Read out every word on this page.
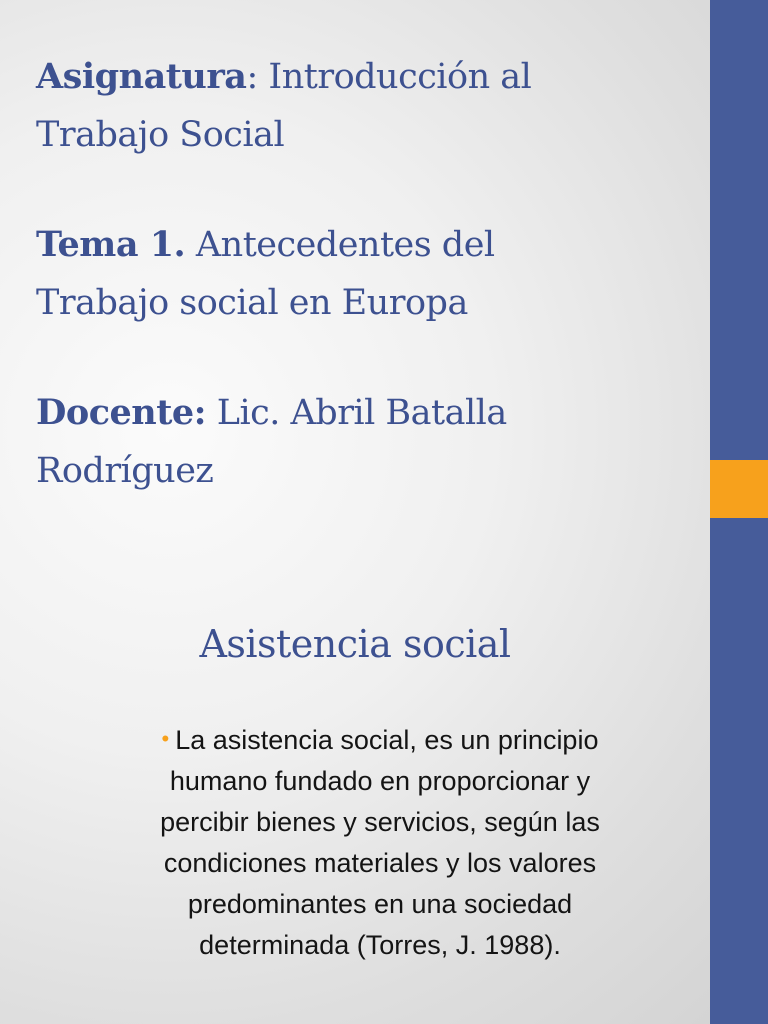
Asignatura: Introducción al
Trabajo Social
Tema 1. Antecedentes del
Trabajo social en Europa
Docente: Lic. Abril Batalla
Rodríguez
Asistencia social
• La asistencia social, es un principio
humano fundado en proporcionar y
percibir bienes y servicios, según las
condiciones materiales y los valores
predominantes en una sociedad
determinada (Torres, J. 1988).
